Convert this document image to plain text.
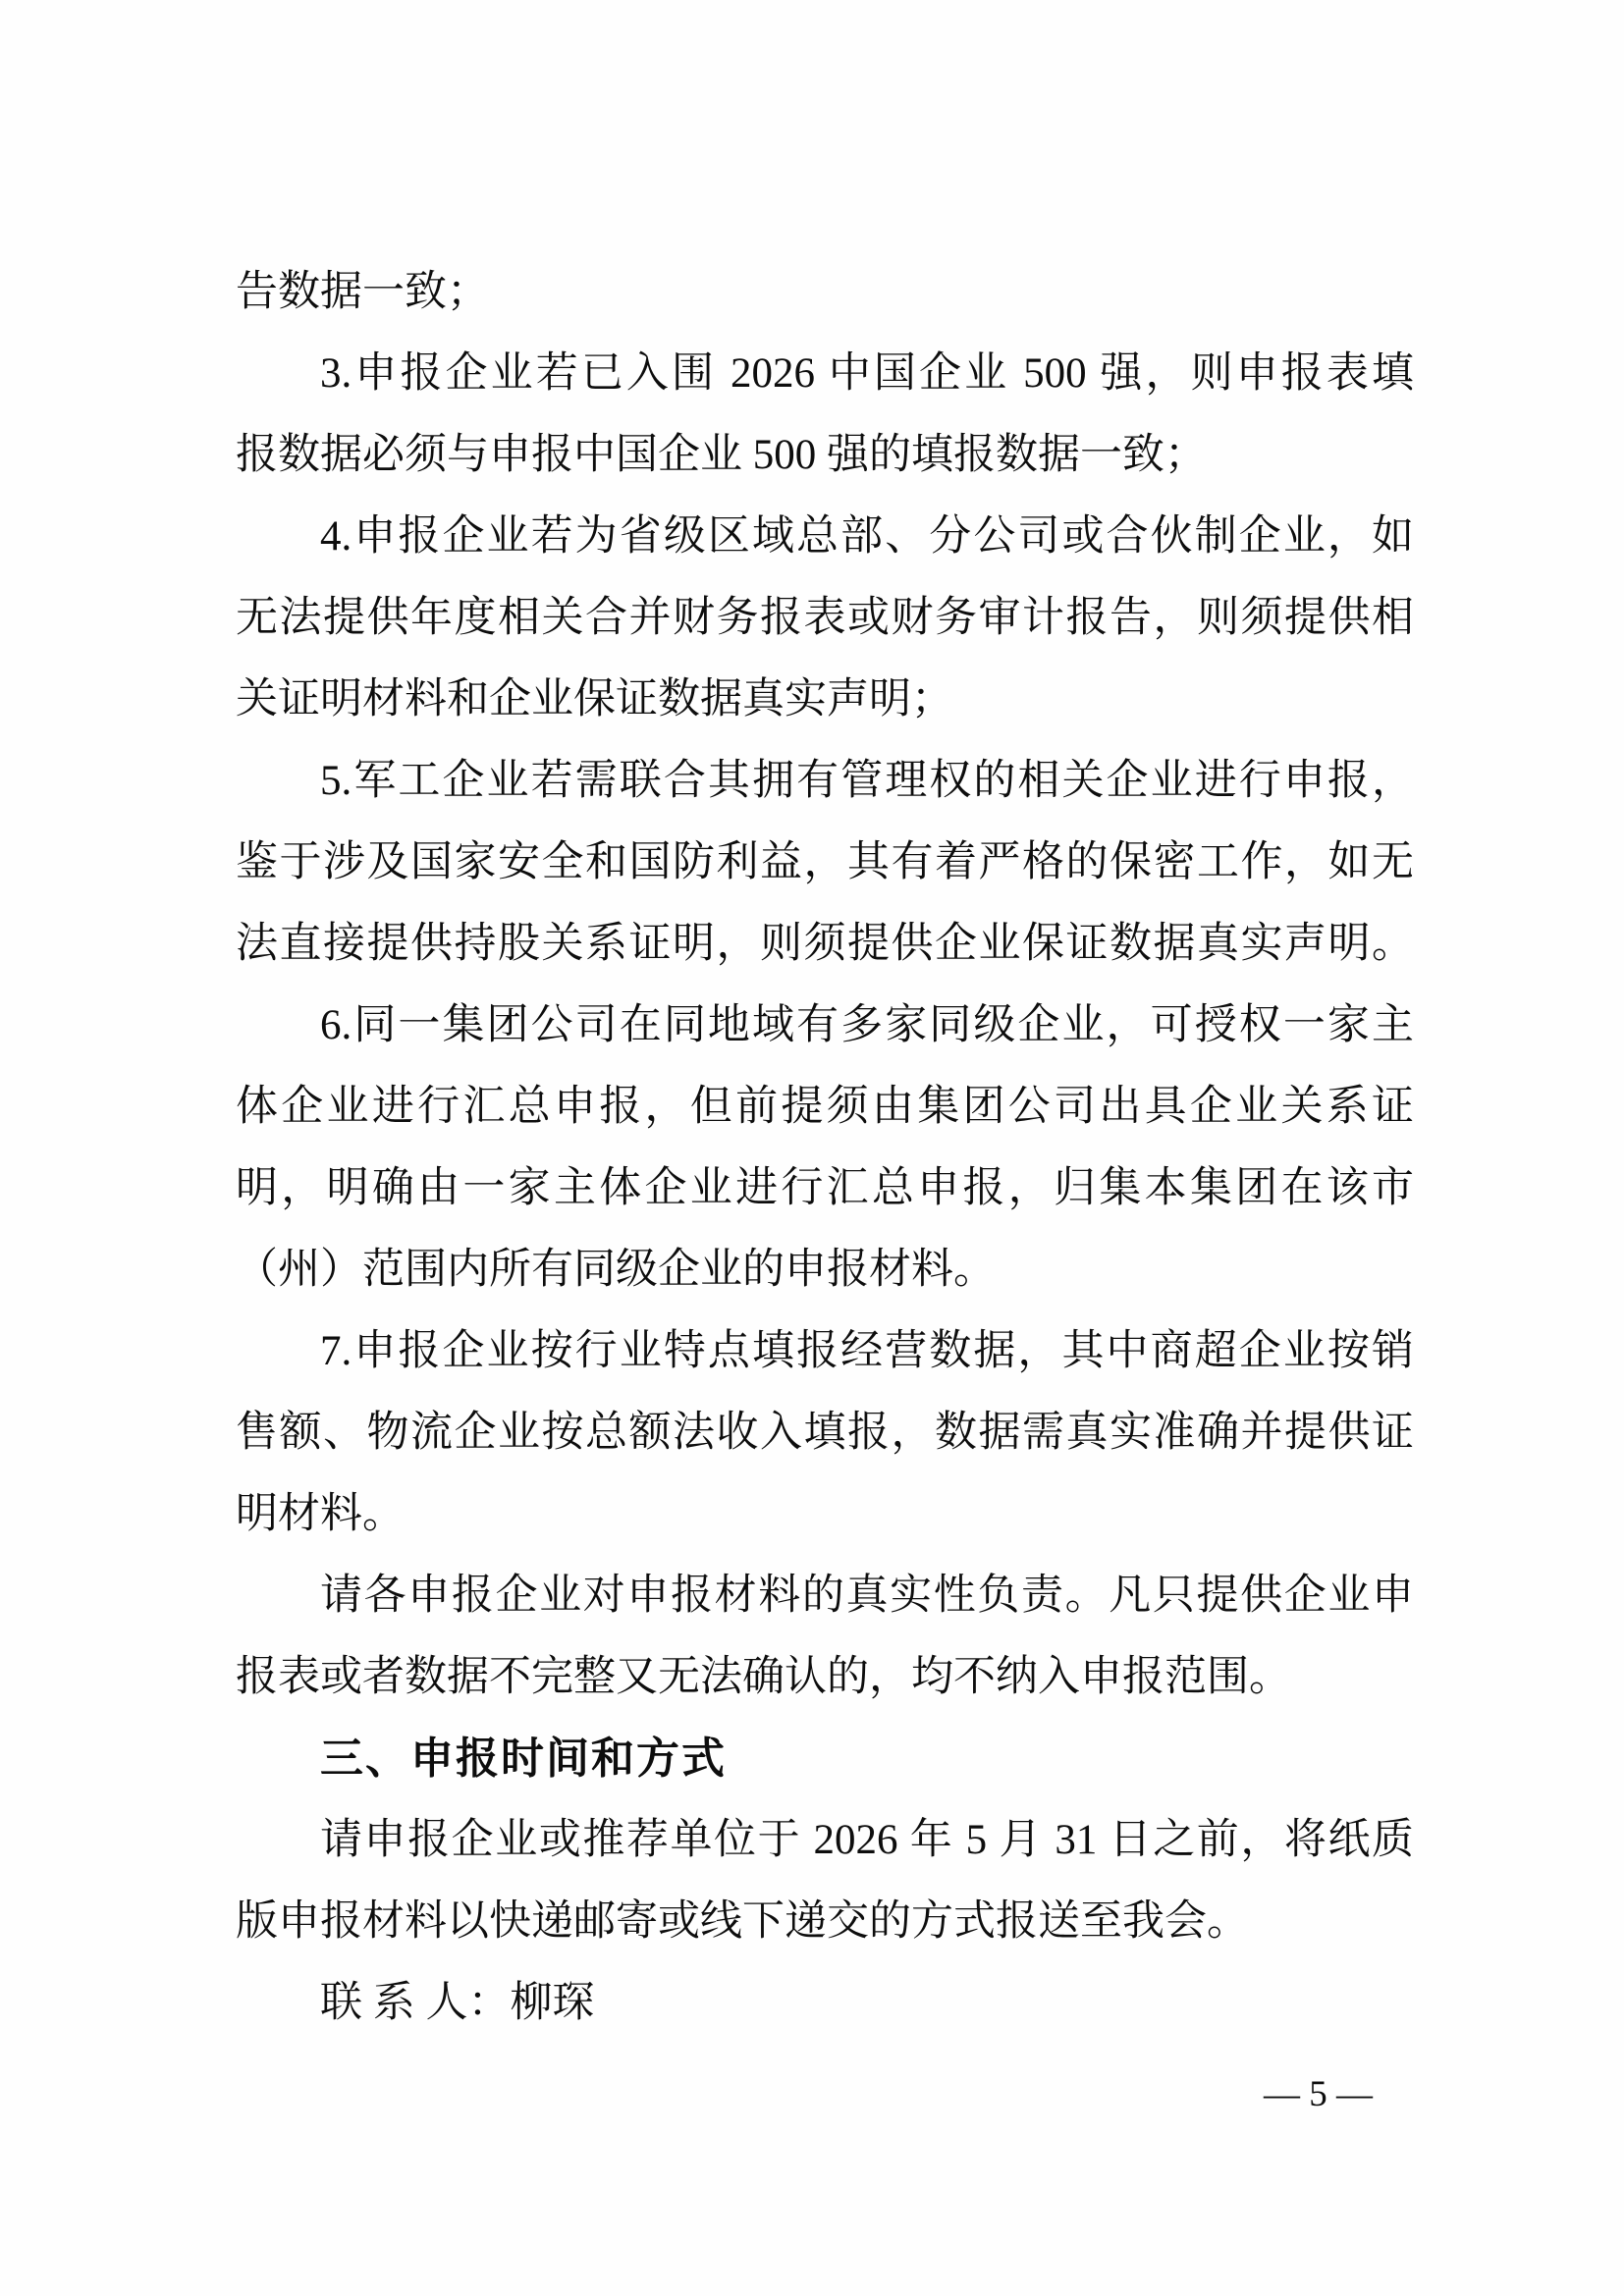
告数据一致；
3.申报企业若已入围 2026 中国企业 500 强，则申报表填
报数据必须与申报中国企业 500 强的填报数据一致；
4.申报企业若为省级区域总部、分公司或合伙制企业，如
无法提供年度相关合并财务报表或财务审计报告，则须提供相
关证明材料和企业保证数据真实声明；
5.军工企业若需联合其拥有管理权的相关企业进行申报，
鉴于涉及国家安全和国防利益，其有着严格的保密工作，如无
法直接提供持股关系证明，则须提供企业保证数据真实声明。
6.同一集团公司在同地域有多家同级企业，可授权一家主
体企业进行汇总申报，但前提须由集团公司出具企业关系证
明，明确由一家主体企业进行汇总申报，归集本集团在该市
（州）范围内所有同级企业的申报材料。
7.申报企业按行业特点填报经营数据，其中商超企业按销
售额、物流企业按总额法收入填报，数据需真实准确并提供证
明材料。
请各申报企业对申报材料的真实性负责。凡只提供企业申
报表或者数据不完整又无法确认的，均不纳入申报范围。
三、申报时间和方式
请申报企业或推荐单位于 2026 年 5 月 31 日之前，将纸质
版申报材料以快递邮寄或线下递交的方式报送至我会。
联 系 人：柳琛
— 5 —
